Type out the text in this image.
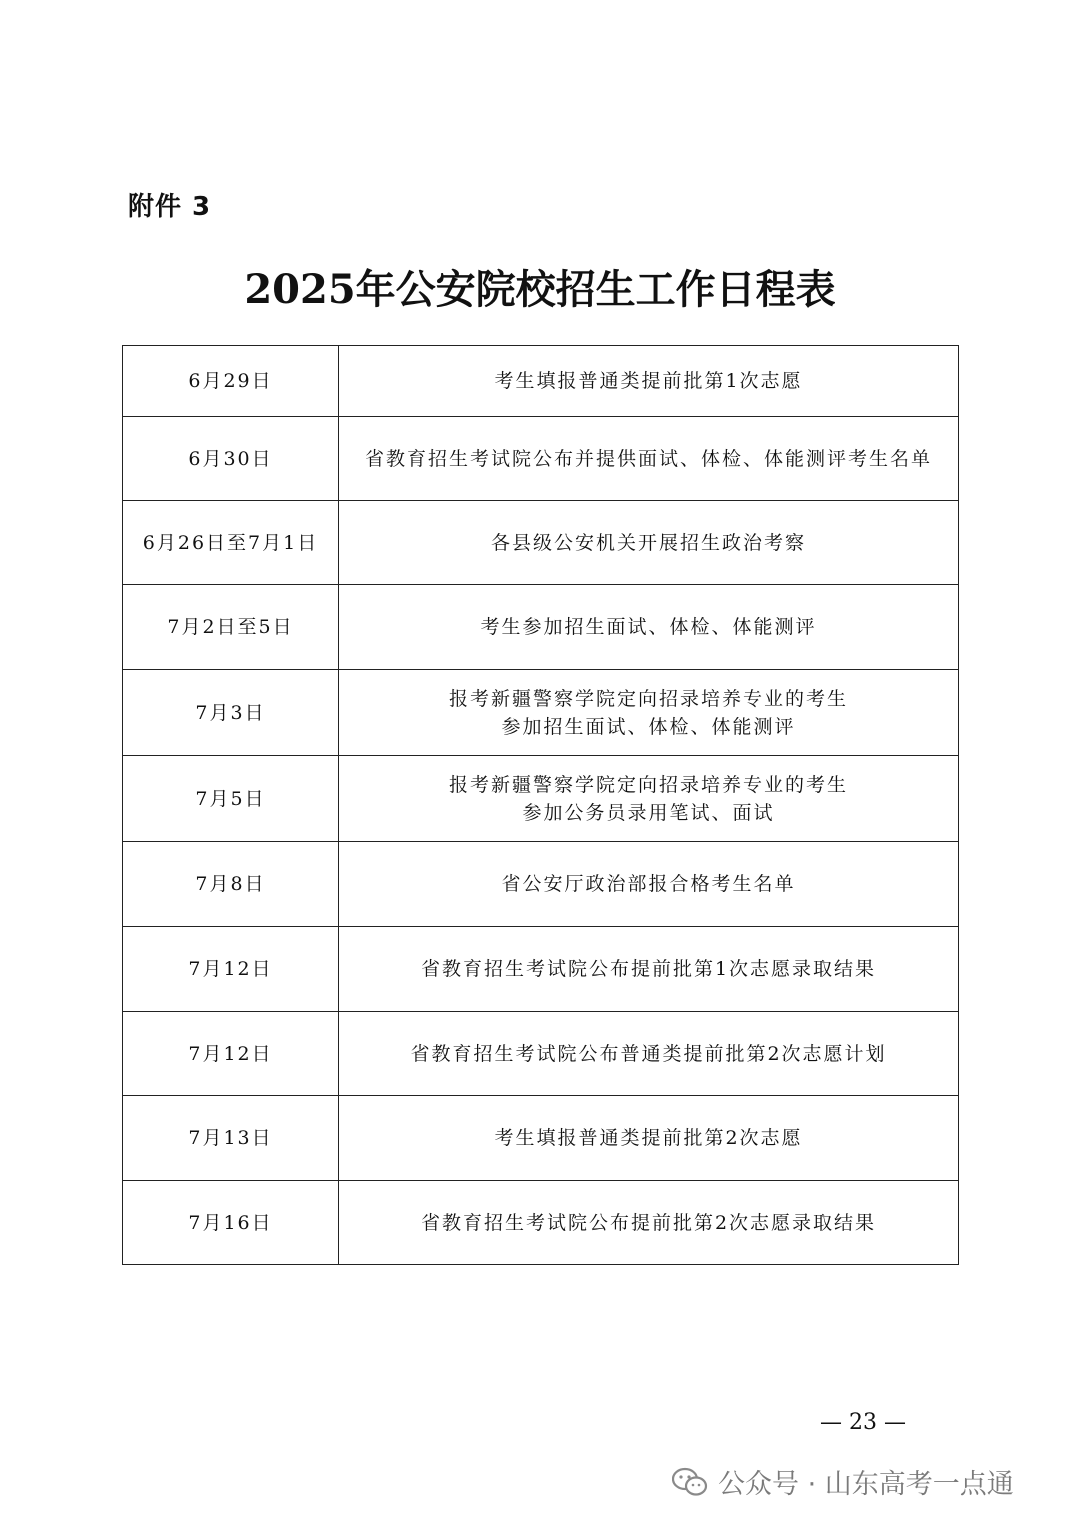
附件 3
2025年公安院校招生工作日程表
6月29日	考生填报普通类提前批第1次志愿

6月30日	省教育招生考试院公布并提供面试、体检、体能测评考生名单

6月26日至7月1日	各县级公安机关开展招生政治考察

7月2日至5日	考生参加招生面试、体检、体能测评

7月3日	报考新疆警察学院定向招录培养专业的考生
参加招生面试、体检、体能测评

7月5日	报考新疆警察学院定向招录培养专业的考生
参加公务员录用笔试、面试

7月8日	省公安厅政治部报合格考生名单

7月12日	省教育招生考试院公布提前批第1次志愿录取结果

7月12日	省教育招生考试院公布普通类提前批第2次志愿计划

7月13日	考生填报普通类提前批第2次志愿

7月16日	省教育招生考试院公布提前批第2次志愿录取结果
— 23 —
公众号 · 山东高考一点通
